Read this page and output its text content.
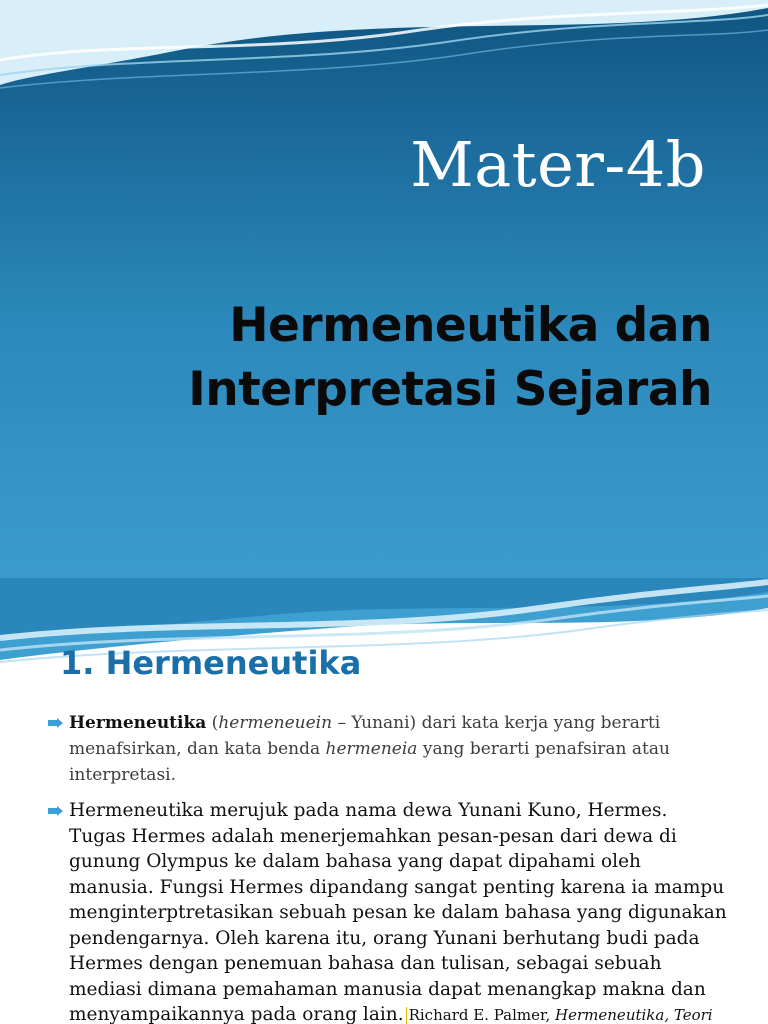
Mater-4b
Hermeneutika dan
Interpretasi Sejarah
1. Hermeneutika
Hermeneutika (hermeneuein – Yunani) dari kata kerja yang berarti menafsirkan, dan kata benda hermeneia yang berarti penafsiran atau interpretasi.
Hermeneutika merujuk pada nama dewa Yunani Kuno, Hermes. Tugas Hermes adalah menerjemahkan pesan-pesan dari dewa di gunung Olympus ke dalam bahasa yang dapat dipahami oleh manusia. Fungsi Hermes dipandang sangat penting karena ia mampu menginterptretasikan sebuah pesan ke dalam bahasa yang digunakan pendengarnya. Oleh karena itu, orang Yunani berhutang budi pada Hermes dengan penemuan bahasa dan tulisan, sebagai sebuah mediasi dimana pemahaman manusia dapat menangkap makna dan menyampaikannya pada orang lain. Richard E. Palmer, Hermeneutika, Teori
